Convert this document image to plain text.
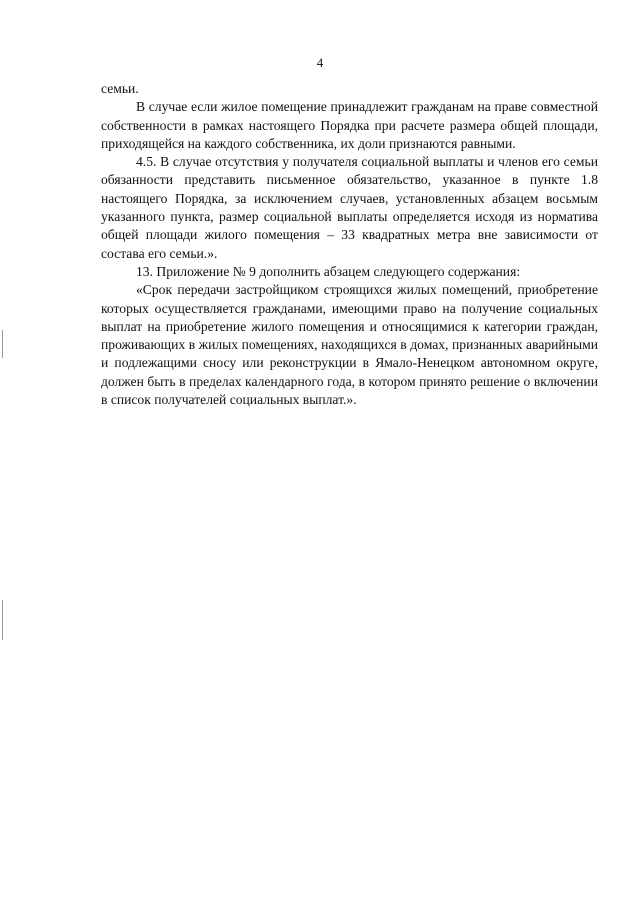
4

семьи.

В случае если жилое помещение принадлежит гражданам на праве совместной собственности в рамках настоящего Порядка при расчете размера общей площади, приходящейся на каждого собственника, их доли признаются равными.

4.5. В случае отсутствия у получателя социальной выплаты и членов его семьи обязанности представить письменное обязательство, указанное в пункте 1.8 настоящего Порядка, за исключением случаев, установленных абзацем восьмым указанного пункта, размер социальной выплаты определяется исходя из норматива общей площади жилого помещения – 33 квадратных метра вне зависимости от состава его семьи.».

13. Приложение № 9 дополнить абзацем следующего содержания:

«Срок передачи застройщиком строящихся жилых помещений, приобретение которых осуществляется гражданами, имеющими право на получение социальных выплат на приобретение жилого помещения и относящимися к категории граждан, проживающих в жилых помещениях, находящихся в домах, признанных аварийными и подлежащими сносу или реконструкции в Ямало-Ненецком автономном округе, должен быть в пределах календарного года, в котором принято решение о включении в список получателей социальных выплат.».
